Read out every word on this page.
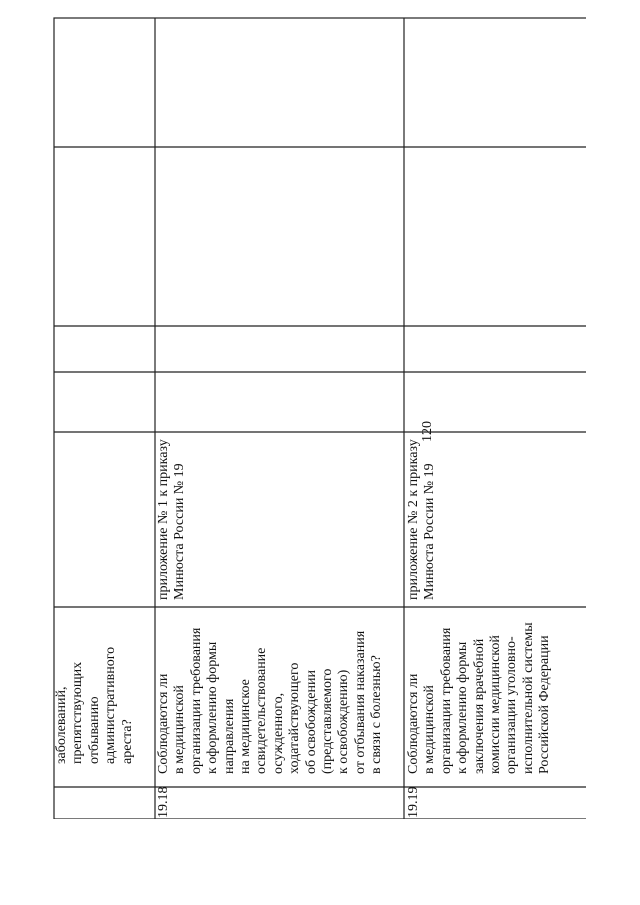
120
заболеваний, препятствующих отбыванию административного ареста?
19.18
Соблюдаются ли в медицинской организации требования к оформлению формы направления на медицинское освидетельствование осужденного, ходатайствующего об освобождении (представляемого к освобождению) от отбывания наказания в связи с болезнью?
приложение № 1 к приказу Минюста России № 19
19.19
Соблюдаются ли в медицинской организации требования к оформлению формы заключения врачебной комиссии медицинской организации уголовно- исполнительной системы Российской Федерации
приложение № 2 к приказу Минюста России № 19
